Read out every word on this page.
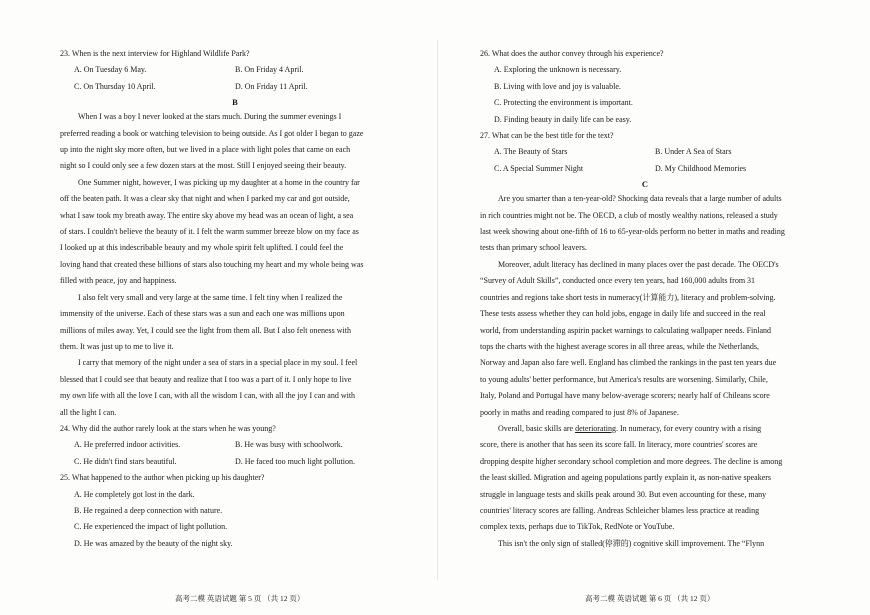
23. When is the next interview for Highland Wildlife Park?
A. On Tuesday 6 May.	B. On Friday 4 April.
C. On Thursday 10 April.	D. On Friday 11 April.
B
When I was a boy I never looked at the stars much. During the summer evenings I
preferred reading a book or watching television to being outside. As I got older I began to gaze
up into the night sky more often, but we lived in a place with light poles that came on each
night so I could only see a few dozen stars at the most. Still I enjoyed seeing their beauty.
One Summer night, however, I was picking up my daughter at a home in the country far
off the beaten path. It was a clear sky that night and when I parked my car and got outside,
what I saw took my breath away. The entire sky above my head was an ocean of light, a sea
of stars. I couldn't believe the beauty of it. I felt the warm summer breeze blow on my face as
I looked up at this indescribable beauty and my whole spirit felt uplifted. I could feel the
loving hand that created these billions of stars also touching my heart and my whole being was
filled with peace, joy and happiness.
I also felt very small and very large at the same time. I felt tiny when I realized the
immensity of the universe. Each of these stars was a sun and each one was millions upon
millions of miles away. Yet, I could see the light from them all. But I also felt oneness with
them. It was just up to me to live it.
I carry that memory of the night under a sea of stars in a special place in my soul. I feel
blessed that I could see that beauty and realize that I too was a part of it. I only hope to live
my own life with all the love I can, with all the wisdom I can, with all the joy I can and with
all the light I can.
24. Why did the author rarely look at the stars when he was young?
A. He preferred indoor activities.	B. He was busy with schoolwork.
C. He didn't find stars beautiful.	D. He faced too much light pollution.
25. What happened to the author when picking up his daughter?
A. He completely got lost in the dark.
B. He regained a deep connection with nature.
C. He experienced the impact of light pollution.
D. He was amazed by the beauty of the night sky.
高考二模 英语试题 第 5 页 （共 12 页）
26. What does the author convey through his experience?
A. Exploring the unknown is necessary.
B. Living with love and joy is valuable.
C. Protecting the environment is important.
D. Finding beauty in daily life can be easy.
27. What can be the best title for the text?
A. The Beauty of Stars	B. Under A Sea of Stars
C. A Special Summer Night	D. My Childhood Memories
C
Are you smarter than a ten-year-old? Shocking data reveals that a large number of adults
in rich countries might not be. The OECD, a club of mostly wealthy nations, released a study
last week showing about one-fifth of 16 to 65-year-olds perform no better in maths and reading
tests than primary school leavers.
Moreover, adult literacy has declined in many places over the past decade. The OECD's
“Survey of Adult Skills”, conducted once every ten years, had 160,000 adults from 31
countries and regions take short tests in numeracy(计算能力), literacy and problem-solving.
These tests assess whether they can hold jobs, engage in daily life and succeed in the real
world, from understanding aspirin packet warnings to calculating wallpaper needs. Finland
tops the charts with the highest average scores in all three areas, while the Netherlands,
Norway and Japan also fare well. England has climbed the rankings in the past ten years due
to young adults' better performance, but America's results are worsening. Similarly, Chile,
Italy, Poland and Portugal have many below-average scorers; nearly half of Chileans score
poorly in maths and reading compared to just 8% of Japanese.
Overall, basic skills are deteriorating. In numeracy, for every country with a rising
score, there is another that has seen its score fall. In literacy, more countries' scores are
dropping despite higher secondary school completion and more degrees. The decline is among
the least skilled. Migration and ageing populations partly explain it, as non-native speakers
struggle in language tests and skills peak around 30. But even accounting for these, many
countries' literacy scores are falling. Andreas Schleicher blames less practice at reading
complex texts, perhaps due to TikTok, RedNote or YouTube.
This isn't the only sign of stalled(停滞的) cognitive skill improvement. The “Flynn
高考二模 英语试题 第 6 页 （共 12 页）
